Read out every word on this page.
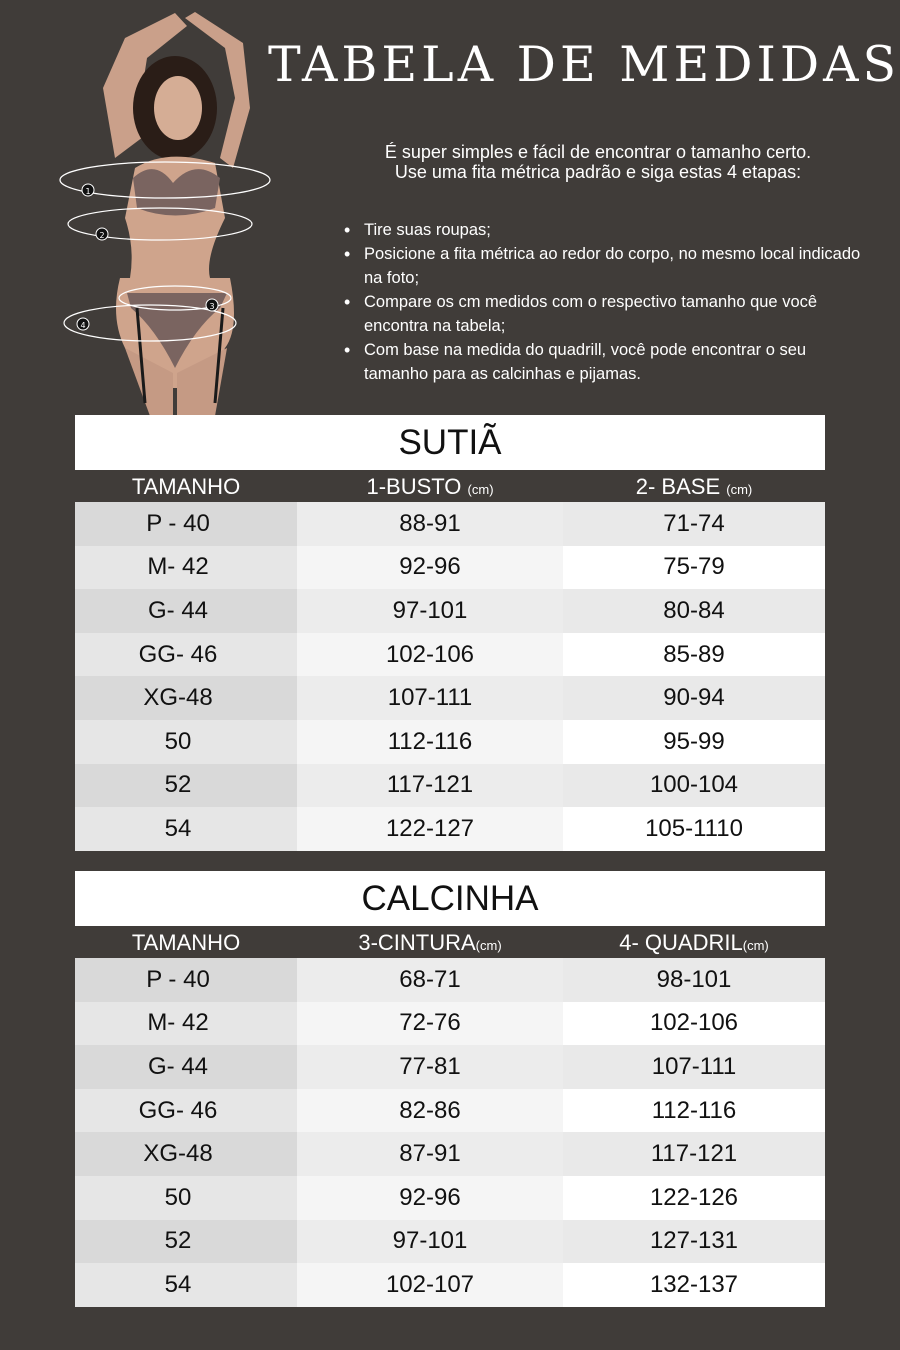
1
2
3
4
TABELA DE MEDIDAS
É super simples e fácil de encontrar o tamanho certo.
Use uma fita métrica padrão e siga estas 4 etapas:
• Tire suas roupas;
• Posicione a fita métrica ao redor do corpo, no mesmo local indicado na foto;
• Compare os cm medidos com o respectivo tamanho que você encontra na tabela;
• Com base na medida do quadrill, você pode encontrar o seu tamanho para as calcinhas e pijamas.
SUTIÃ
TAMANHO	1-BUSTO (cm)	2- BASE (cm)
P - 40	88-91	71-74
M- 42	92-96	75-79
G- 44	97-101	80-84
GG- 46	102-106	85-89
XG-48	107-111	90-94
50	112-116	95-99
52	117-121	100-104
54	122-127	105-1110
CALCINHA
TAMANHO	3-CINTURA(cm)	4- QUADRIL(cm)
P - 40	68-71	98-101
M- 42	72-76	102-106
G- 44	77-81	107-111
GG- 46	82-86	112-116
XG-48	87-91	117-121
50	92-96	122-126
52	97-101	127-131
54	102-107	132-137
